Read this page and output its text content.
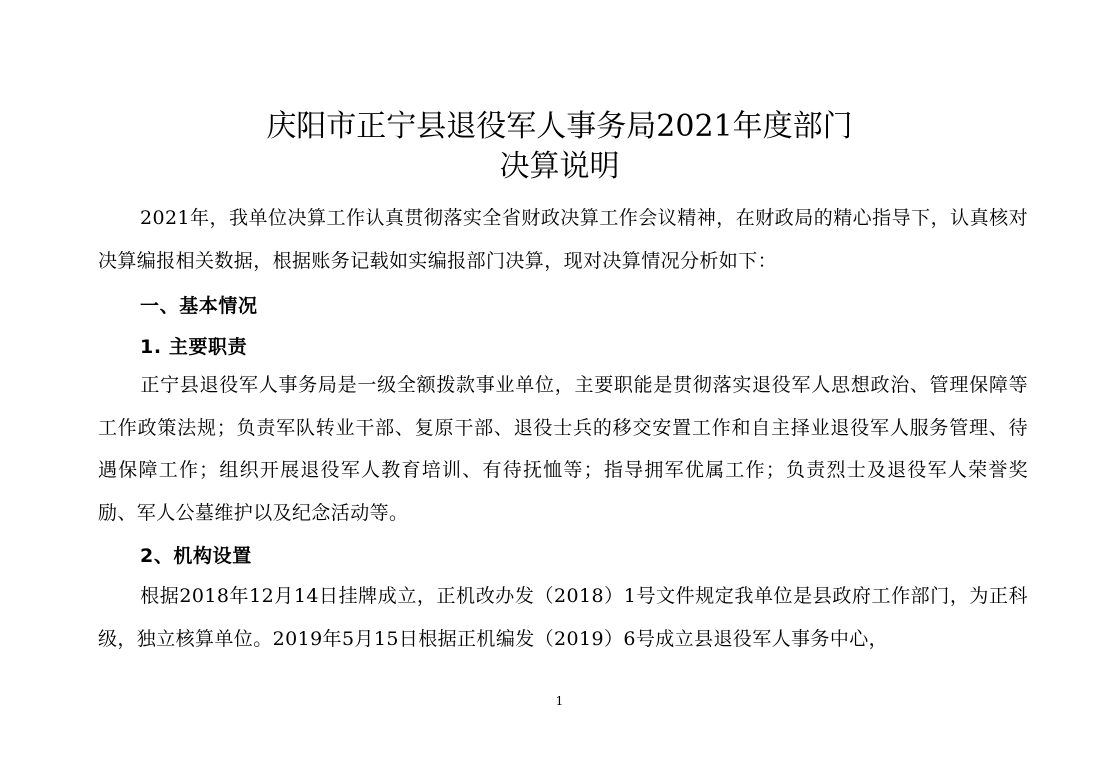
庆阳市正宁县退役军人事务局2021年度部门
决算说明
2021年，我单位决算工作认真贯彻落实全省财政决算工作会议精神，在财政局的精心指导下，认真核对决算编报相关数据，根据账务记载如实编报部门决算，现对决算情况分析如下：
一、基本情况
1. 主要职责
正宁县退役军人事务局是一级全额拨款事业单位，主要职能是贯彻落实退役军人思想政治、管理保障等工作政策法规；负责军队转业干部、复原干部、退役士兵的移交安置工作和自主择业退役军人服务管理、待遇保障工作；组织开展退役军人教育培训、有待抚恤等；指导拥军优属工作；负责烈士及退役军人荣誉奖励、军人公墓维护以及纪念活动等。
2、机构设置
根据2018年12月14日挂牌成立，正机改办发（2018）1号文件规定我单位是县政府工作部门，为正科级，独立核算单位。2019年5月15日根据正机编发（2019）6号成立县退役军人事务中心，
1
